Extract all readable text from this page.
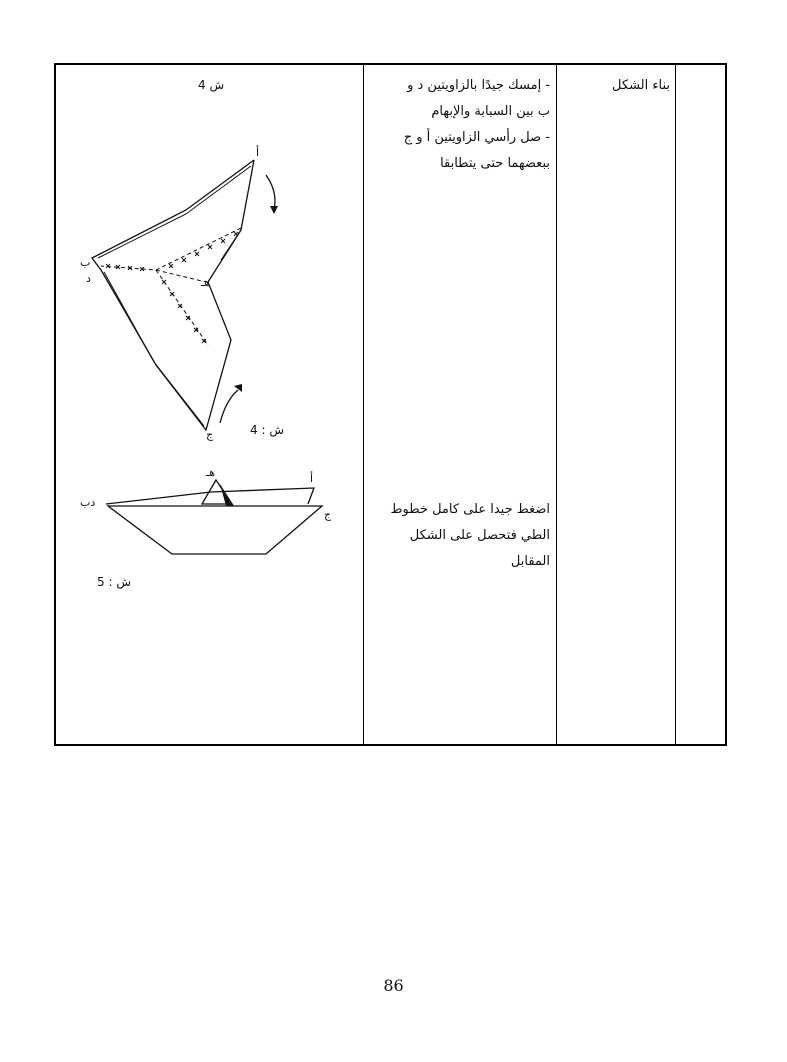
بناء الشكل
- إمسك جيدًا بالزاويتين د و
ب بين السبابة والإبهام
- صل رأسي الزاويتين أ و ج
ببعضهما حتى يتطابقا
اضغط جيدا على كامل خطوط
الطي فتحصل على الشكل
المقابل
ش 4
ش : 4
ش : 5
أ
ب
د	هـ
ج
هـ	أ
دب
ج
86
